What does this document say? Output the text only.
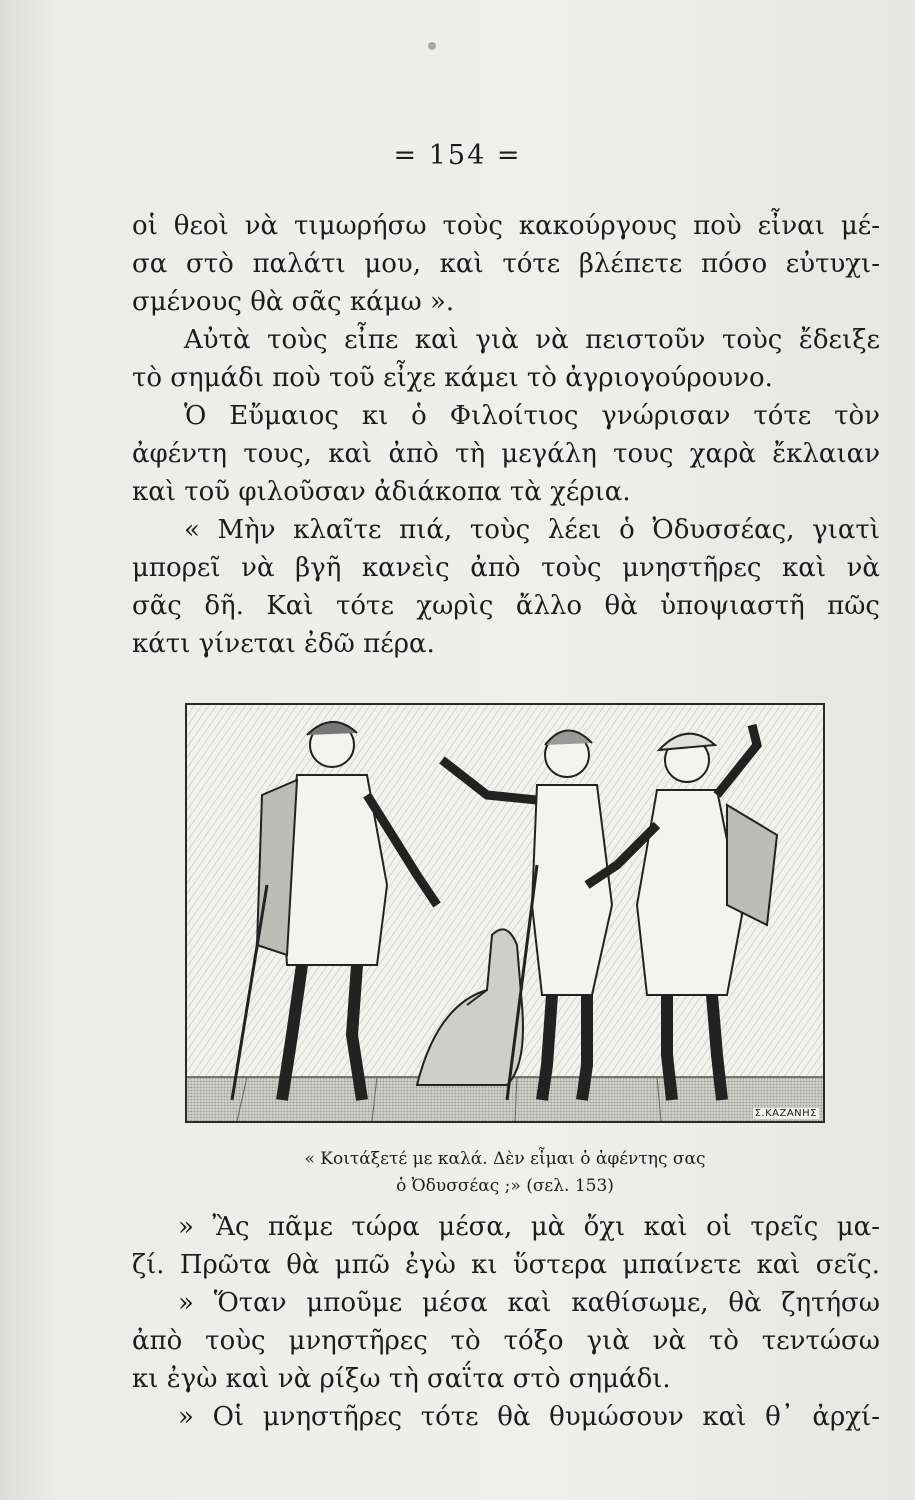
= 154 =
οἱ θεοὶ νὰ τιμωρήσω τοὺς κακούργους ποὺ εἶναι μέ-
σα στὸ παλάτι μου, καὶ τότε βλέπετε πόσο εὐτυχι-
σμένους θὰ σᾶς κάμω ».
Αὐτὰ τοὺς εἶπε καὶ γιὰ νὰ πειστοῦν τοὺς ἔδειξε
τὸ σημάδι ποὺ τοῦ εἶχε κάμει τὸ ἀγριογούρουνο.
Ὁ Εὔμαιος κι ὁ Φιλοίτιος γνώρισαν τότε τὸν
ἀφέντη τους, καὶ ἀπὸ τὴ μεγάλη τους χαρὰ ἔκλαιαν
καὶ τοῦ φιλοῦσαν ἀδιάκοπα τὰ χέρια.
« Μὴν κλαῖτε πιά, τοὺς λέει ὁ Ὀδυσσέας, γιατὶ
μπορεῖ νὰ βγῆ κανεὶς ἀπὸ τοὺς μνηστῆρες καὶ νὰ
σᾶς δῆ. Καὶ τότε χωρὶς ἄλλο θὰ ὑποψιαστῆ πῶς
κάτι γίνεται ἐδῶ πέρα.
Σ.ΚΑΖΑΝΗΣ
« Κοιτάξετέ με καλά. Δὲν εἶμαι ὁ ἀφέντης σας
ὁ Ὀδυσσέας ;» (σελ. 153)
» Ἂς πᾶμε τώρα μέσα, μὰ ὄχι καὶ οἱ τρεῖς μα-
ζί. Πρῶτα θὰ μπῶ ἐγὼ κι ὕστερα μπαίνετε καὶ σεῖς.
» Ὅταν μποῦμε μέσα καὶ καθίσωμε, θὰ ζητήσω
ἀπὸ τοὺς μνηστῆρες τὸ τόξο γιὰ νὰ τὸ τεντώσω
κι ἐγὼ καὶ νὰ ρίξω τὴ σαΐτα στὸ σημάδι.
» Οἱ μνηστῆρες τότε θὰ θυμώσουν καὶ θ᾽ ἀρχί-
